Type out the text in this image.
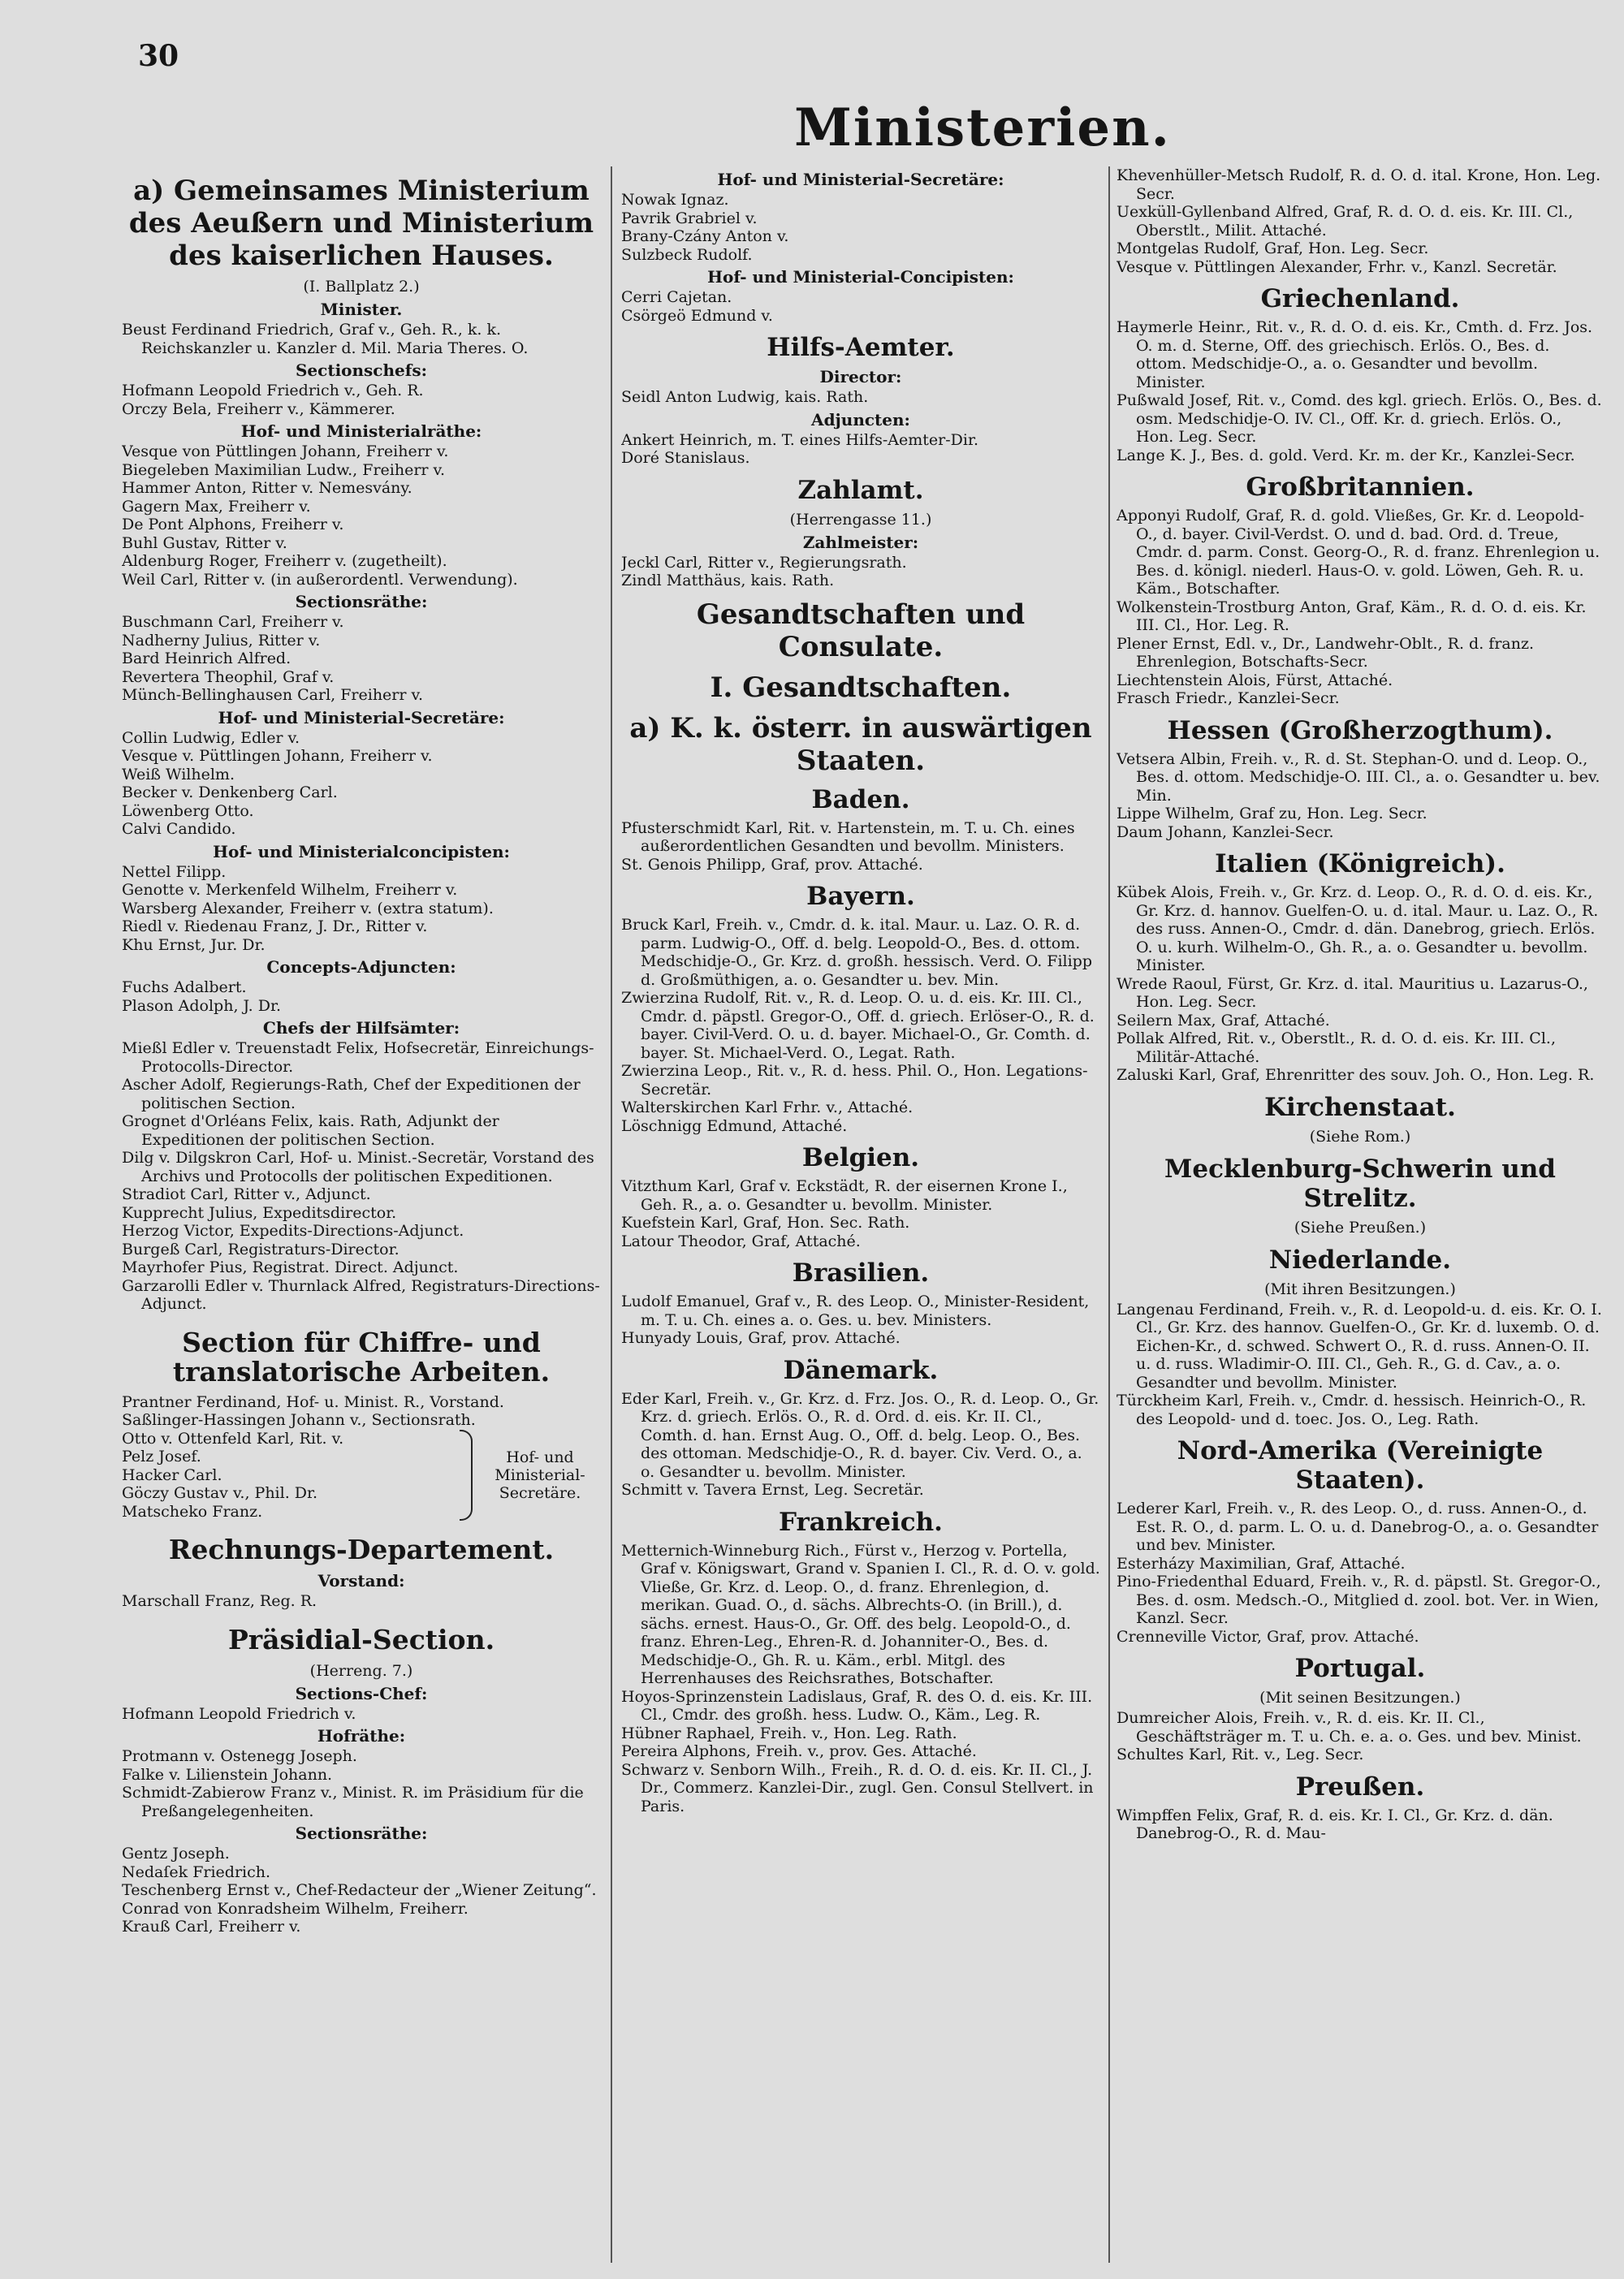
30
Ministerien.
a) Gemeinsames Ministerium des Aeußern und Ministerium des kaiserlichen Hauses.
(I. Ballplatz 2.)
Minister.
Beust Ferdinand Friedrich, Graf v., Geh. R., k. k. Reichskanzler u. Kanzler d. Mil. Maria Theres. O.
Sectionschefs:
Hofmann Leopold Friedrich v., Geh. R.
Orczy Bela, Freiherr v., Kämmerer.
Hof- und Ministerialräthe:
Vesque von Püttlingen Johann, Freiherr v.
Biegeleben Maximilian Ludw., Freiherr v.
Hammer Anton, Ritter v. Nemesvány.
Gagern Max, Freiherr v.
De Pont Alphons, Freiherr v.
Buhl Gustav, Ritter v.
Aldenburg Roger, Freiherr v. (zugetheilt).
Weil Carl, Ritter v. (in außerordentl. Verwendung).
Sectionsräthe:
Buschmann Carl, Freiherr v.
Nadherny Julius, Ritter v.
Bard Heinrich Alfred.
Revertera Theophil, Graf v.
Münch-Bellinghausen Carl, Freiherr v.
Hof- und Ministerial-Secretäre:
Collin Ludwig, Edler v.
Vesque v. Püttlingen Johann, Freiherr v.
Weiß Wilhelm.
Becker v. Denkenberg Carl.
Löwenberg Otto.
Calvi Candido.
Hof- und Ministerialconcipisten:
Nettel Filipp.
Genotte v. Merkenfeld Wilhelm, Freiherr v.
Warsberg Alexander, Freiherr v. (extra statum).
Riedl v. Riedenau Franz, J. Dr., Ritter v.
Khu Ernst, Jur. Dr.
Concepts-Adjuncten:
Fuchs Adalbert.
Plason Adolph, J. Dr.
Chefs der Hilfsämter:
Mießl Edler v. Treuenstadt Felix, Hofsecretär, Einreichungs-Protocolls-Director.
Ascher Adolf, Regierungs-Rath, Chef der Expeditionen der politischen Section.
Grognet d'Orléans Felix, kais. Rath, Adjunkt der Expeditionen der politischen Section.
Dilg v. Dilgskron Carl, Hof- u. Minist.-Secretär, Vorstand des Archivs und Protocolls der politischen Expeditionen.
Stradiot Carl, Ritter v., Adjunct.
Kupprecht Julius, Expeditsdirector.
Herzog Victor, Expedits-Directions-Adjunct.
Burgeß Carl, Registraturs-Director.
Mayrhofer Pius, Registrat. Direct. Adjunct.
Garzarolli Edler v. Thurnlack Alfred, Registraturs-Directions-Adjunct.
Section für Chiffre- und translatorische Arbeiten.
Prantner Ferdinand, Hof- u. Minist. R., Vorstand.
Saßlinger-Hassingen Johann v., Sectionsrath.
Otto v. Ottenfeld Karl, Rit. v.
Pelz Josef.
Hacker Carl.
Göczy Gustav v., Phil. Dr.
Matscheko Franz.
Hof- und Ministerial-Secretäre.
Rechnungs-Departement.
Vorstand:
Marschall Franz, Reg. R.
Präsidial-Section.
(Herreng. 7.)
Sections-Chef:
Hofmann Leopold Friedrich v.
Hofräthe:
Protmann v. Ostenegg Joseph.
Falke v. Lilienstein Johann.
Schmidt-Zabierow Franz v., Minist. R. im Präsidium für die Preßangelegenheiten.
Sectionsräthe:
Gentz Joseph.
Nedaſek Friedrich.
Teschenberg Ernst v., Chef-Redacteur der „Wiener Zeitung“.
Conrad von Konradsheim Wilhelm, Freiherr.
Krauß Carl, Freiherr v.
Hof- und Ministerial-Secretäre:
Nowak Ignaz.
Pavrik Grabriel v.
Brany-Czány Anton v.
Sulzbeck Rudolf.
Hof- und Ministerial-Concipisten:
Cerri Cajetan.
Csörgeö Edmund v.
Hilfs-Aemter.
Director:
Seidl Anton Ludwig, kais. Rath.
Adjuncten:
Ankert Heinrich, m. T. eines Hilfs-Aemter-Dir.
Doré Stanislaus.
Zahlamt.
(Herrengasse 11.)
Zahlmeister:
Jeckl Carl, Ritter v., Regierungsrath.
Zindl Matthäus, kais. Rath.
Gesandtschaften und Consulate.
I. Gesandtschaften.
a) K. k. österr. in auswärtigen Staaten.
Baden.
Pfusterschmidt Karl, Rit. v. Hartenstein, m. T. u. Ch. eines außerordentlichen Gesandten und bevollm. Ministers.
St. Genois Philipp, Graf, prov. Attaché.
Bayern.
Bruck Karl, Freih. v., Cmdr. d. k. ital. Maur. u. Laz. O. R. d. parm. Ludwig-O., Off. d. belg. Leopold-O., Bes. d. ottom. Medschidje-O., Gr. Krz. d. großh. hessisch. Verd. O. Filipp d. Großmüthigen, a. o. Gesandter u. bev. Min.
Zwierzina Rudolf, Rit. v., R. d. Leop. O. u. d. eis. Kr. III. Cl., Cmdr. d. päpstl. Gregor-O., Off. d. griech. Erlöser-O., R. d. bayer. Civil-Verd. O. u. d. bayer. Michael-O., Gr. Comth. d. bayer. St. Michael-Verd. O., Legat. Rath.
Zwierzina Leop., Rit. v., R. d. hess. Phil. O., Hon. Legations-Secretär.
Walterskirchen Karl Frhr. v., Attaché.
Löschnigg Edmund, Attaché.
Belgien.
Vitzthum Karl, Graf v. Eckstädt, R. der eisernen Krone I., Geh. R., a. o. Gesandter u. bevollm. Minister.
Kuefstein Karl, Graf, Hon. Sec. Rath.
Latour Theodor, Graf, Attaché.
Brasilien.
Ludolf Emanuel, Graf v., R. des Leop. O., Minister-Resident, m. T. u. Ch. eines a. o. Ges. u. bev. Ministers.
Hunyady Louis, Graf, prov. Attaché.
Dänemark.
Eder Karl, Freih. v., Gr. Krz. d. Frz. Jos. O., R. d. Leop. O., Gr. Krz. d. griech. Erlös. O., R. d. Ord. d. eis. Kr. II. Cl., Comth. d. han. Ernst Aug. O., Off. d. belg. Leop. O., Bes. des ottoman. Medschidje-O., R. d. bayer. Civ. Verd. O., a. o. Gesandter u. bevollm. Minister.
Schmitt v. Tavera Ernst, Leg. Secretär.
Frankreich.
Metternich-Winneburg Rich., Fürst v., Herzog v. Portella, Graf v. Königswart, Grand v. Spanien I. Cl., R. d. O. v. gold. Vließe, Gr. Krz. d. Leop. O., d. franz. Ehrenlegion, d. merikan. Guad. O., d. sächs. Albrechts-O. (in Brill.), d. sächs. ernest. Haus-O., Gr. Off. des belg. Leopold-O., d. franz. Ehren-Leg., Ehren-R. d. Johanniter-O., Bes. d. Medschidje-O., Gh. R. u. Käm., erbl. Mitgl. des Herrenhauses des Reichsrathes, Botschafter.
Hoyos-Sprinzenstein Ladislaus, Graf, R. des O. d. eis. Kr. III. Cl., Cmdr. des großh. hess. Ludw. O., Käm., Leg. R.
Hübner Raphael, Freih. v., Hon. Leg. Rath.
Pereira Alphons, Freih. v., prov. Ges. Attaché.
Schwarz v. Senborn Wilh., Freih., R. d. O. d. eis. Kr. II. Cl., J. Dr., Commerz. Kanzlei-Dir., zugl. Gen. Consul Stellvert. in Paris.
Khevenhüller-Metsch Rudolf, R. d. O. d. ital. Krone, Hon. Leg. Secr.
Uexküll-Gyllenband Alfred, Graf, R. d. O. d. eis. Kr. III. Cl., Oberstlt., Milit. Attaché.
Montgelas Rudolf, Graf, Hon. Leg. Secr.
Vesque v. Püttlingen Alexander, Frhr. v., Kanzl. Secretär.
Griechenland.
Haymerle Heinr., Rit. v., R. d. O. d. eis. Kr., Cmth. d. Frz. Jos. O. m. d. Sterne, Off. des griechisch. Erlös. O., Bes. d. ottom. Medschidje-O., a. o. Gesandter und bevollm. Minister.
Pußwald Josef, Rit. v., Comd. des kgl. griech. Erlös. O., Bes. d. osm. Medschidje-O. IV. Cl., Off. Kr. d. griech. Erlös. O., Hon. Leg. Secr.
Lange K. J., Bes. d. gold. Verd. Kr. m. der Kr., Kanzlei-Secr.
Großbritannien.
Apponyi Rudolf, Graf, R. d. gold. Vließes, Gr. Kr. d. Leopold-O., d. bayer. Civil-Verdst. O. und d. bad. Ord. d. Treue, Cmdr. d. parm. Const. Georg-O., R. d. franz. Ehrenlegion u. Bes. d. königl. niederl. Haus-O. v. gold. Löwen, Geh. R. u. Käm., Botschafter.
Wolkenstein-Trostburg Anton, Graf, Käm., R. d. O. d. eis. Kr. III. Cl., Hor. Leg. R.
Plener Ernst, Edl. v., Dr., Landwehr-Oblt., R. d. franz. Ehrenlegion, Botschafts-Secr.
Liechtenstein Alois, Fürst, Attaché.
Frasch Friedr., Kanzlei-Secr.
Hessen (Großherzogthum).
Vetsera Albin, Freih. v., R. d. St. Stephan-O. und d. Leop. O., Bes. d. ottom. Medschidje-O. III. Cl., a. o. Gesandter u. bev. Min.
Lippe Wilhelm, Graf zu, Hon. Leg. Secr.
Daum Johann, Kanzlei-Secr.
Italien (Königreich).
Kübek Alois, Freih. v., Gr. Krz. d. Leop. O., R. d. O. d. eis. Kr., Gr. Krz. d. hannov. Guelfen-O. u. d. ital. Maur. u. Laz. O., R. des russ. Annen-O., Cmdr. d. dän. Danebrog, griech. Erlös. O. u. kurh. Wilhelm-O., Gh. R., a. o. Gesandter u. bevollm. Minister.
Wrede Raoul, Fürst, Gr. Krz. d. ital. Mauritius u. Lazarus-O., Hon. Leg. Secr.
Seilern Max, Graf, Attaché.
Pollak Alfred, Rit. v., Oberstlt., R. d. O. d. eis. Kr. III. Cl., Militär-Attaché.
Zaluski Karl, Graf, Ehrenritter des souv. Joh. O., Hon. Leg. R.
Kirchenstaat.
(Siehe Rom.)
Mecklenburg-Schwerin und Strelitz.
(Siehe Preußen.)
Niederlande.
(Mit ihren Besitzungen.)
Langenau Ferdinand, Freih. v., R. d. Leopold-u. d. eis. Kr. O. I. Cl., Gr. Krz. des hannov. Guelfen-O., Gr. Kr. d. luxemb. O. d. Eichen-Kr., d. schwed. Schwert O., R. d. russ. Annen-O. II. u. d. russ. Wladimir-O. III. Cl., Geh. R., G. d. Cav., a. o. Gesandter und bevollm. Minister.
Türckheim Karl, Freih. v., Cmdr. d. hessisch. Heinrich-O., R. des Leopold- und d. toec. Jos. O., Leg. Rath.
Nord-Amerika (Vereinigte Staaten).
Lederer Karl, Freih. v., R. des Leop. O., d. russ. Annen-O., d. Est. R. O., d. parm. L. O. u. d. Danebrog-O., a. o. Gesandter und bev. Minister.
Esterházy Maximilian, Graf, Attaché.
Pino-Friedenthal Eduard, Freih. v., R. d. päpstl. St. Gregor-O., Bes. d. osm. Medsch.-O., Mitglied d. zool. bot. Ver. in Wien, Kanzl. Secr.
Crenneville Victor, Graf, prov. Attaché.
Portugal.
(Mit seinen Besitzungen.)
Dumreicher Alois, Freih. v., R. d. eis. Kr. II. Cl., Geschäftsträger m. T. u. Ch. e. a. o. Ges. und bev. Minist.
Schultes Karl, Rit. v., Leg. Secr.
Preußen.
Wimpffen Felix, Graf, R. d. eis. Kr. I. Cl., Gr. Krz. d. dän. Danebrog-O., R. d. Mau-
